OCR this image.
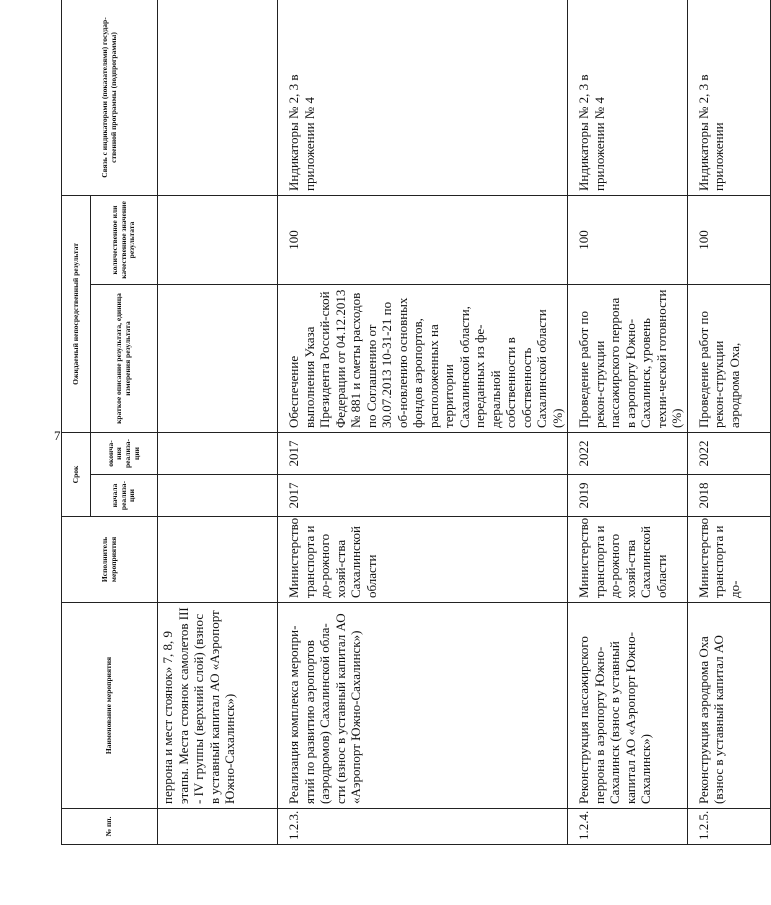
7
№ пп.	Наименование мероприятия	Исполнитель мероприятия	Срок		Ожидаемый непосредственный результат		Связь с индикаторами (показателями) государ-ственной программы (подпрограммы)
			начала реализа-ции	оконча-ния реализа-ции	краткое описание результата, единица измерения результата	количественное или качественное значение результата	
	перрона и мест стоянок» 7, 8, 9 этапы. Места стоянок самолетов III - IV группы (верхний слой) (взнос в уставный капитал АО «Аэропорт Южно-Сахалинск»)						
1.2.3.	Реализация комплекса меропри-ятий по развитию аэропортов (аэродромов) Сахалинской обла-сти (взнос в уставный капитал АО «Аэропорт Южно-Сахалинск»)	Министерство транспорта и до-рожного хозяй-ства Сахалинской области	2017	2017	Обеспечение выполнения Указа Президента Россий-ской Федерации от 04.12.2013 № 881 и сметы расходов по Соглашению от 30.07.2013 10-31-21 по об-новлению основных фондов аэропортов, расположенных на территории Сахалинской области, переданных из фе-деральной собственности в собственность Сахалинской области (%)	100	Индикаторы № 2, 3 в приложении № 4
1.2.4.	Реконструкция пассажирского перрона в аэропорту Южно-Сахалинск (взнос в уставный капитал АО «Аэропорт Южно-Сахалинск»)	Министерство транспорта и до-рожного хозяй-ства Сахалинской области	2019	2022	Проведение работ по рекон-струкции пассажирского перрона в аэропорту Южно-Сахалинск, уровень техни-ческой готовности (%)	100	Индикаторы № 2, 3 в приложении № 4
1.2.5.	Реконструкция аэродрома Оха (взнос в уставный капитал АО	Министерство транспорта и до-	2018	2022	Проведение работ по рекон-струкции аэродрома Оха,	100	Индикаторы № 2, 3 в приложении
